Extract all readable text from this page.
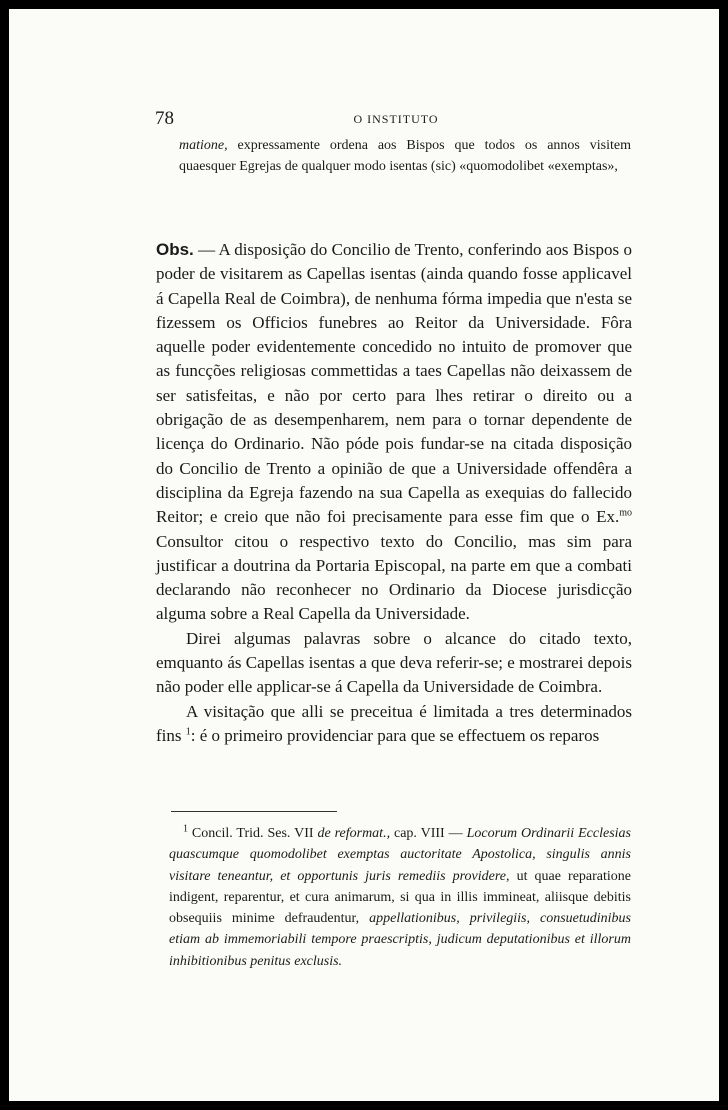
78	O INSTITUTO

matione, expressamente ordena aos Bispos que todos os annos visitem quaesquer Egrejas de qualquer modo isentas (sic) «quomodolibet «exemptas»,

Obs. — A disposição do Concilio de Trento, conferindo aos Bispos o poder de visitarem as Capellas isentas (ainda quando fosse applicavel á Capella Real de Coimbra), de nenhuma fórma impedia que n'esta se fizessem os Officios funebres ao Reitor da Universidade. Fôra aquelle poder evidentemente concedido no intuito de promover que as funcções religiosas commettidas a taes Capellas não deixassem de ser satisfeitas, e não por certo para lhes retirar o direito ou a obrigação de as desempenharem, nem para o tornar dependente de licença do Ordinario. Não póde pois fundar-se na citada disposição do Concilio de Trento a opinião de que a Universidade offendêra a disciplina da Egreja fazendo na sua Capella as exequias do fallecido Reitor; e creio que não foi precisamente para esse fim que o Ex.$^{mo}$ Consultor citou o respectivo texto do Concilio, mas sim para justificar a doutrina da Portaria Episcopal, na parte em que a combati declarando não reconhecer no Ordinario da Diocese jurisdicção alguma sobre a Real Capella da Universidade.

Direi algumas palavras sobre o alcance do citado texto, emquanto ás Capellas isentas a que deva referir-se; e mostrarei depois não poder elle applicar-se á Capella da Universidade de Coimbra.

A visitação que alli se preceitua é limitada a tres determinados fins $^1$: é o primeiro providenciar para que se effectuem os reparos

$^1$ Concil. Trid. Ses. VII de reformat., cap. VIII — Locorum Ordinarii Ecclesias quascumque quomodolibet exemptas auctoritate Apostolica, singulis annis visitare teneantur, et opportunis juris remediis providere, ut quae reparatione indigent, reparentur, et cura animarum, si qua in illis immineat, aliisque debitis obsequiis minime defraudentur, appellationibus, privilegiis, consuetudinibus etiam ab immemoriabili tempore praescriptis, judicum deputationibus et illorum inhibitionibus penitus exclusis.
